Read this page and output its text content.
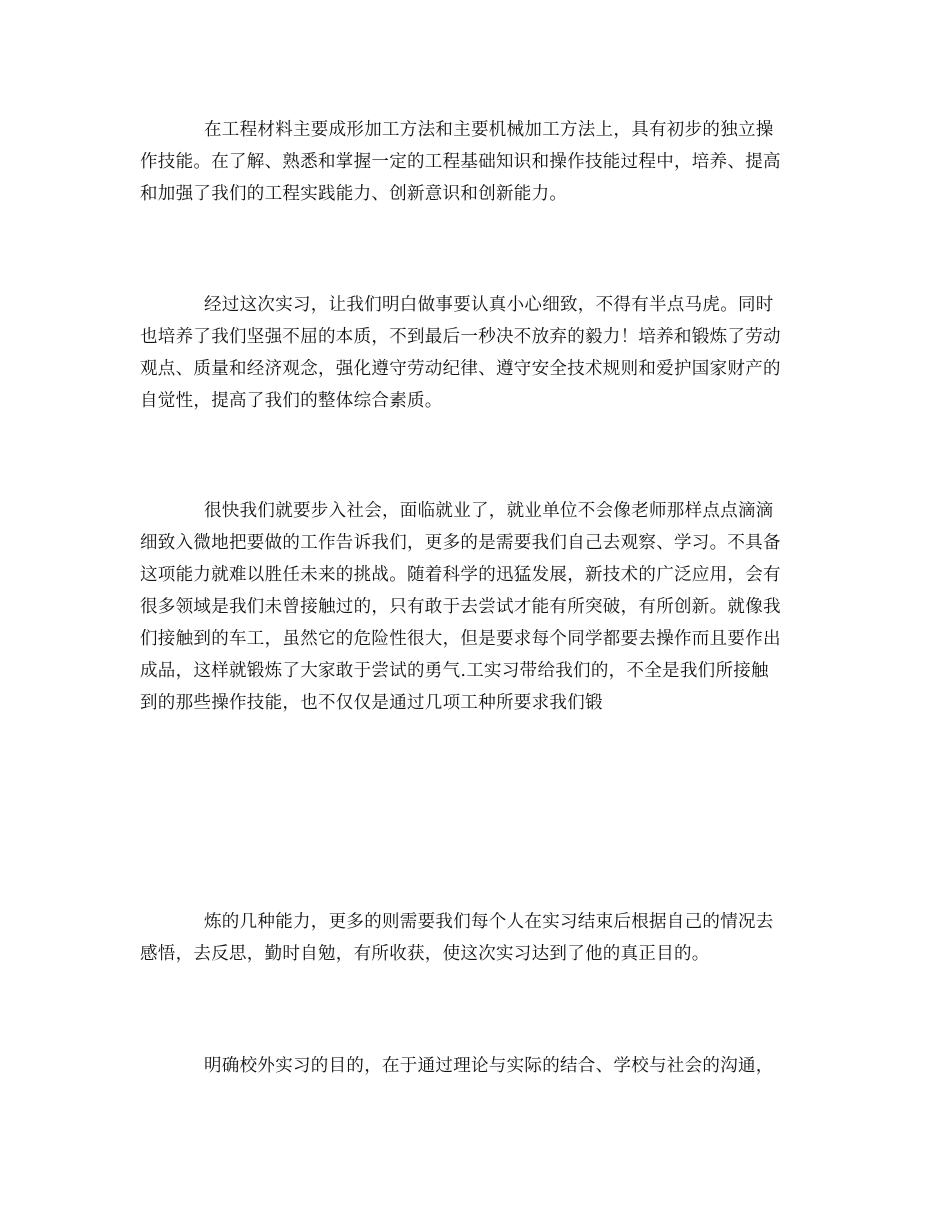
在工程材料主要成形加工方法和主要机械加工方法上，具有初步的独立操
作技能。在了解、熟悉和掌握一定的工程基础知识和操作技能过程中，培养、提高
和加强了我们的工程实践能力、创新意识和创新能力。

经过这次实习，让我们明白做事要认真小心细致，不得有半点马虎。同时
也培养了我们坚强不屈的本质，不到最后一秒决不放弃的毅力！培养和锻炼了劳动
观点、质量和经济观念，强化遵守劳动纪律、遵守安全技术规则和爱护国家财产的
自觉性，提高了我们的整体综合素质。

很快我们就要步入社会，面临就业了，就业单位不会像老师那样点点滴滴
细致入微地把要做的工作告诉我们，更多的是需要我们自己去观察、学习。不具备
这项能力就难以胜任未来的挑战。随着科学的迅猛发展，新技术的广泛应用，会有
很多领域是我们未曾接触过的，只有敢于去尝试才能有所突破，有所创新。就像我
们接触到的车工，虽然它的危险性很大，但是要求每个同学都要去操作而且要作出
成品，这样就锻炼了大家敢于尝试的勇气.工实习带给我们的，不全是我们所接触
到的那些操作技能，也不仅仅是通过几项工种所要求我们锻

炼的几种能力，更多的则需要我们每个人在实习结束后根据自己的情况去
感悟，去反思，勤时自勉，有所收获，使这次实习达到了他的真正目的。

明确校外实习的目的，在于通过理论与实际的结合、学校与社会的沟通，
